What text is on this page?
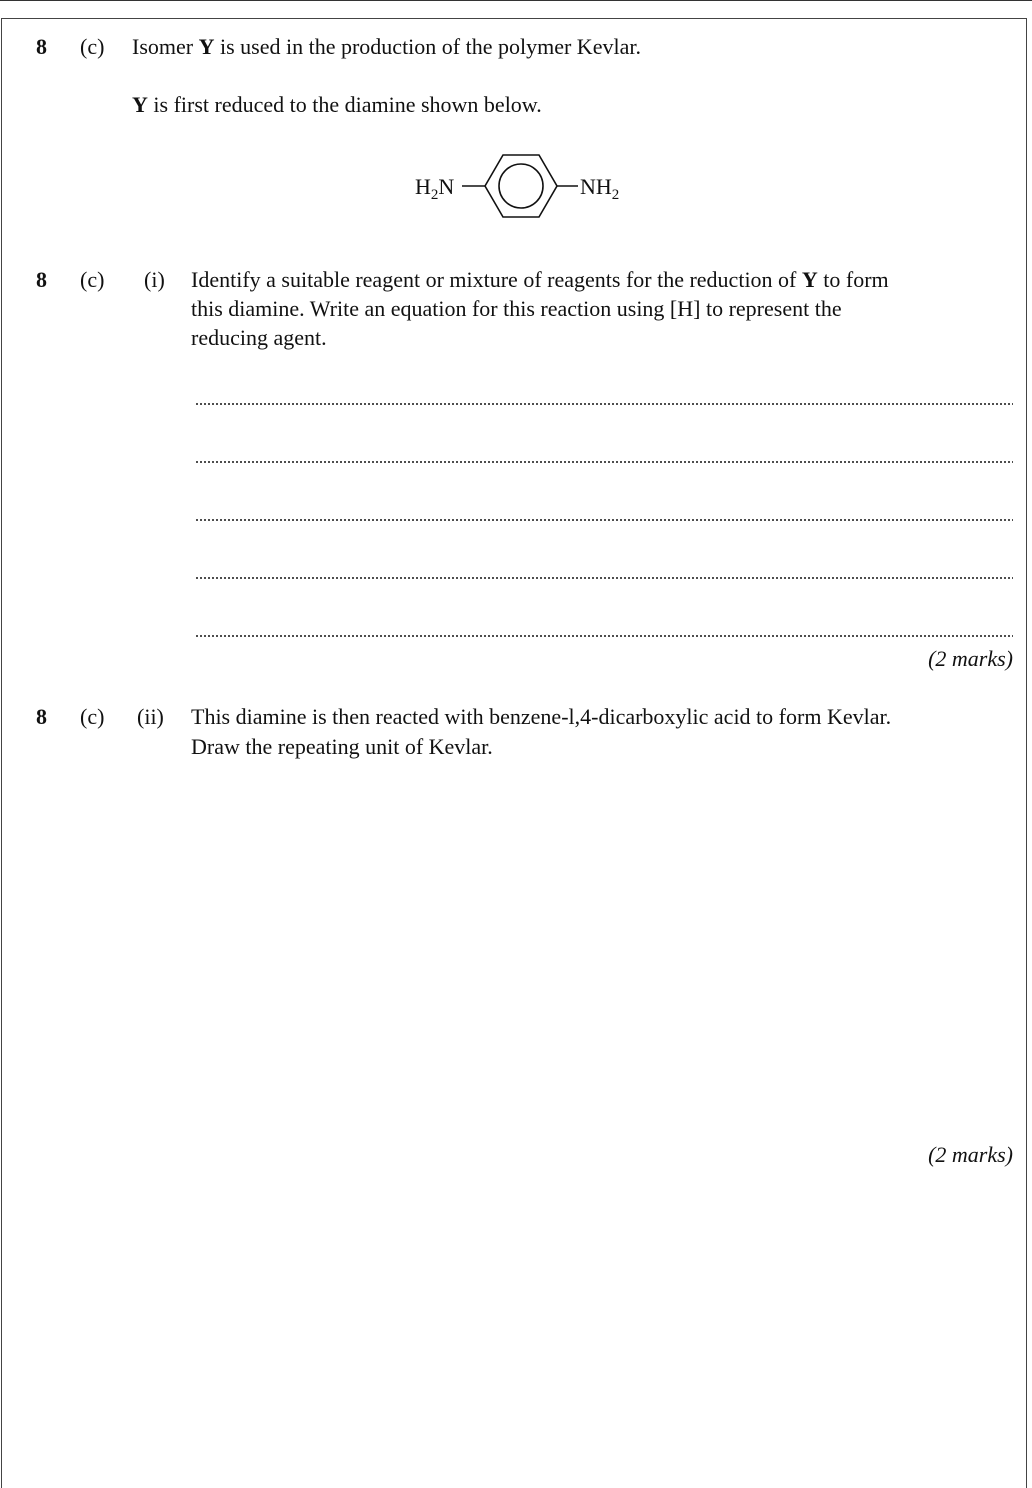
8 (c) Isomer Y is used in the production of the polymer Kevlar.
Y is first reduced to the diamine shown below.
$H_2N$	$NH_2$
8 (c) (i) Identify a suitable reagent or mixture of reagents for the reduction of Y to form
this diamine. Write an equation for this reaction using [H] to represent the
reducing agent.
(2 marks)
8 (c) (ii) This diamine is then reacted with benzene-l,4-dicarboxylic acid to form Kevlar.
Draw the repeating unit of Kevlar.
(2 marks)
